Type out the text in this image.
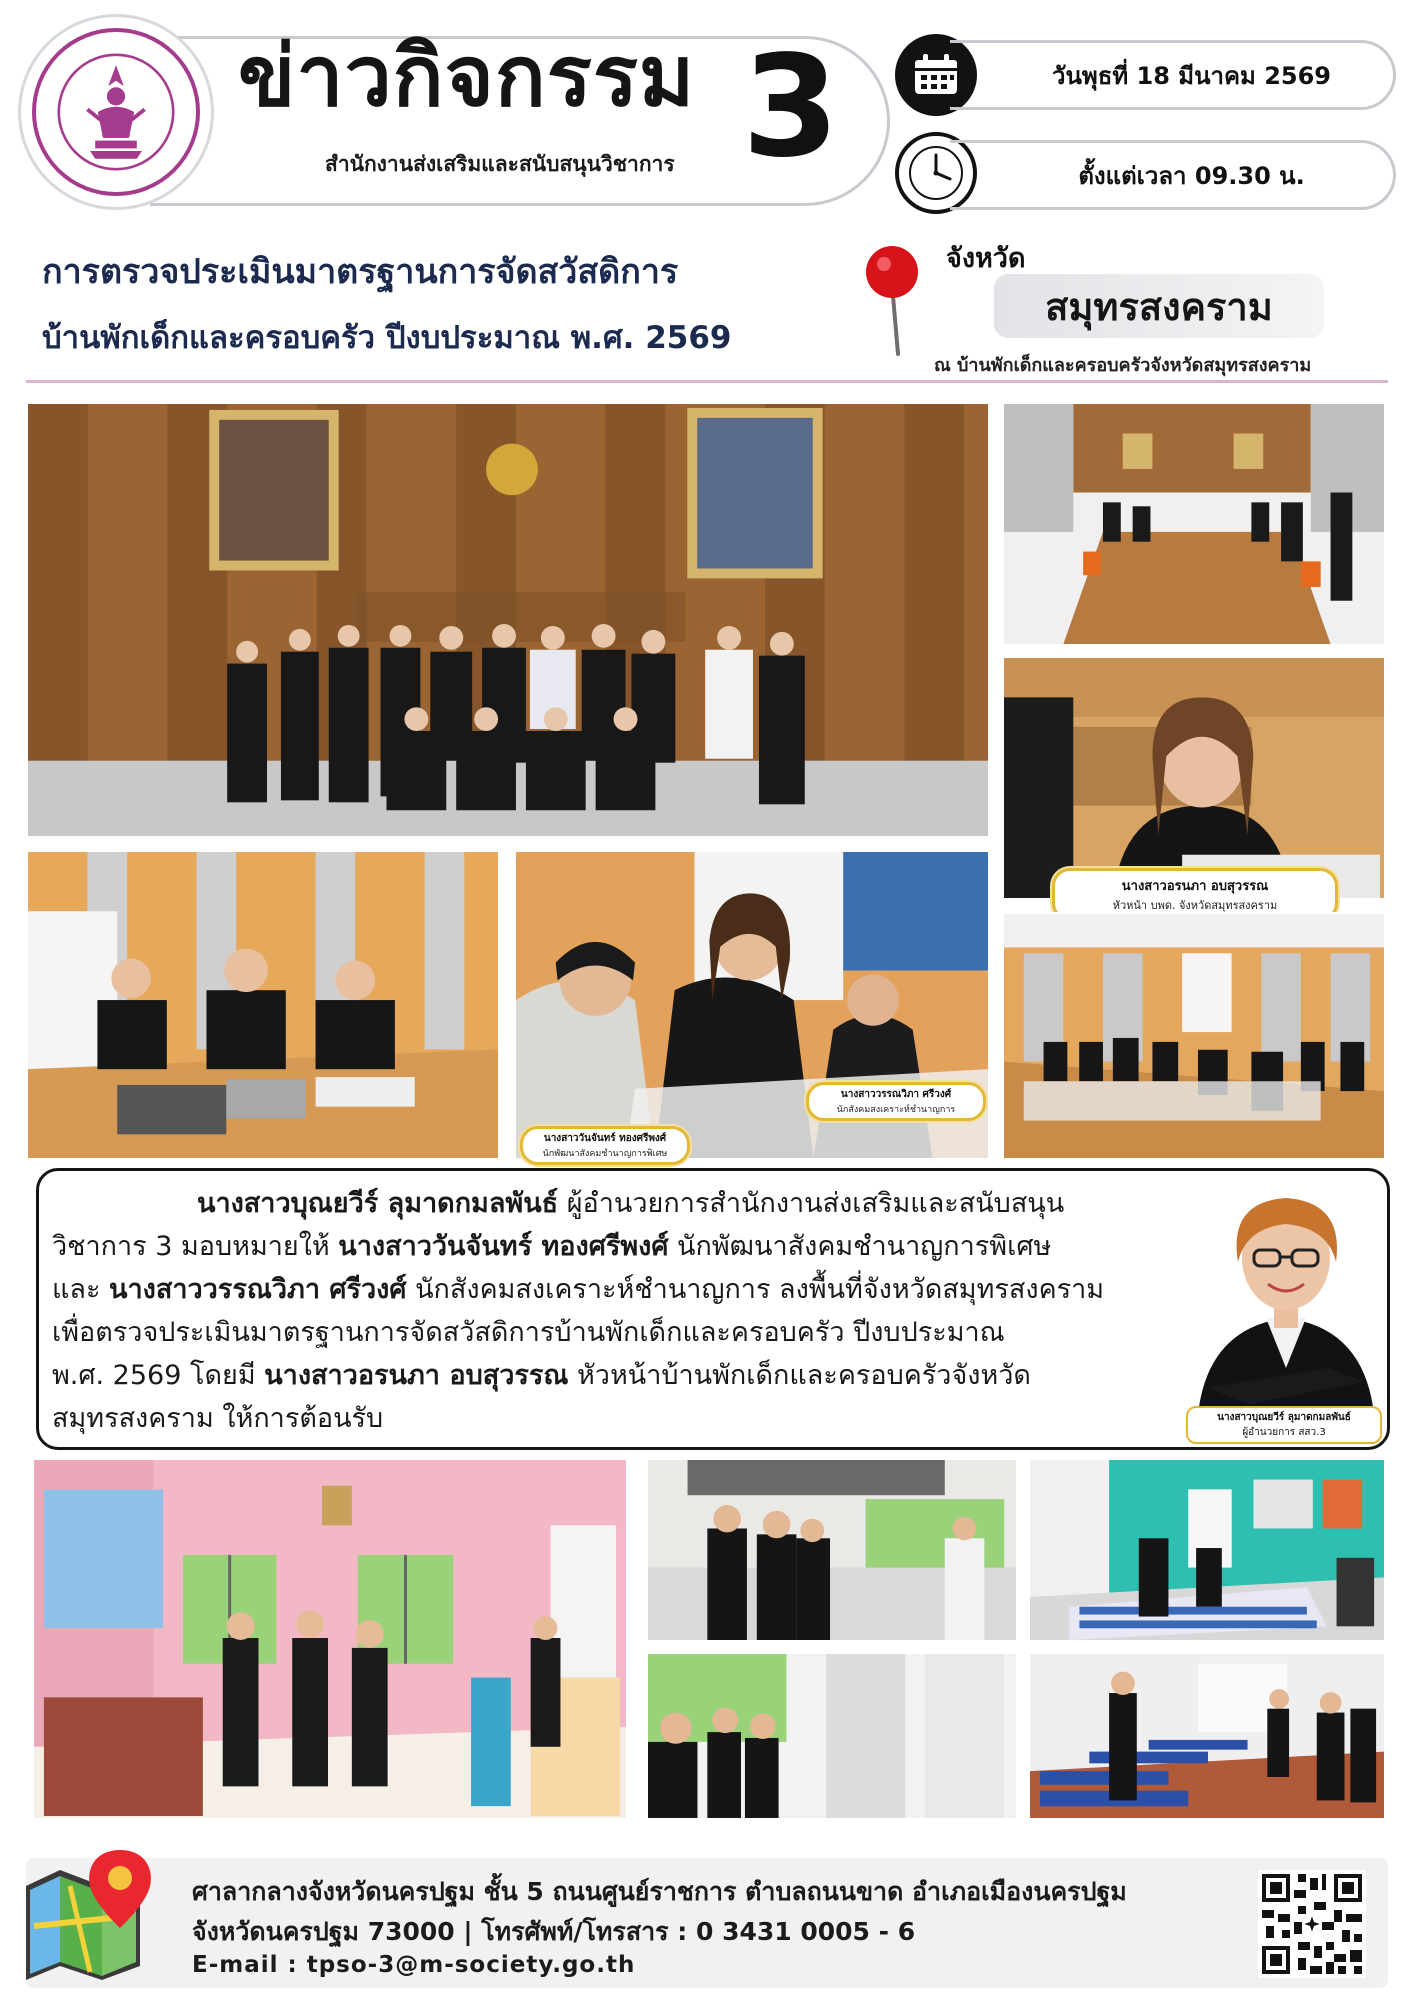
ข่าวกิจกรรม
สำนักงานส่งเสริมและสนับสนุนวิชาการ 3	วันพุธที่ 18 มีนาคม 2569
ตั้งแต่เวลา 09.30 น.
การตรวจประเมินมาตรฐานการจัดสวัสดิการ
บ้านพักเด็กและครอบครัว ปีงบประมาณ พ.ศ. 2569
จังหวัด
สมุทรสงคราม
ณ บ้านพักเด็กและครอบครัวจังหวัดสมุทรสงคราม
นางสาวอรนภา อบสุวรรณ
หัวหน้า บพด. จังหวัดสมุทรสงคราม
นางสาววรรณวิภา ศรีวงศ์
นักสังคมสงเคราะห์ชำนาญการ
นางสาววันจันทร์ ทองศรีพงศ์
นักพัฒนาสังคมชำนาญการพิเศษ

นางสาวบุณยวีร์ ลุมาดกมลพันธ์ ผู้อำนวยการสำนักงานส่งเสริมและสนับสนุน

วิชาการ 3 มอบหมายให้ นางสาววันจันทร์ ทองศรีพงศ์ นักพัฒนาสังคมชำนาญการพิเศษ

และ นางสาววรรณวิภา ศรีวงศ์ นักสังคมสงเคราะห์ชำนาญการ ลงพื้นที่จังหวัดสมุทรสงคราม

เพื่อตรวจประเมินมาตรฐานการจัดสวัสดิการบ้านพักเด็กและครอบครัว ปีงบประมาณ

พ.ศ. 2569 โดยมี นางสาวอรนภา อบสุวรรณ หัวหน้าบ้านพักเด็กและครอบครัวจังหวัด

สมุทรสงคราม ให้การต้อนรับ	นางสาวบุณยวีร์ ลุมาดกมลพันธ์
ผู้อำนวยการ สสว.3
ศาลากลางจังหวัดนครปฐม ชั้น 5 ถนนศูนย์ราชการ ตำบลถนนขาด อำเภอเมืองนครปฐม
จังหวัดนครปฐม 73000 | โทรศัพท์/โทรสาร : 0 3431 0005 - 6
E-mail : tpso-3@m-society.go.th
